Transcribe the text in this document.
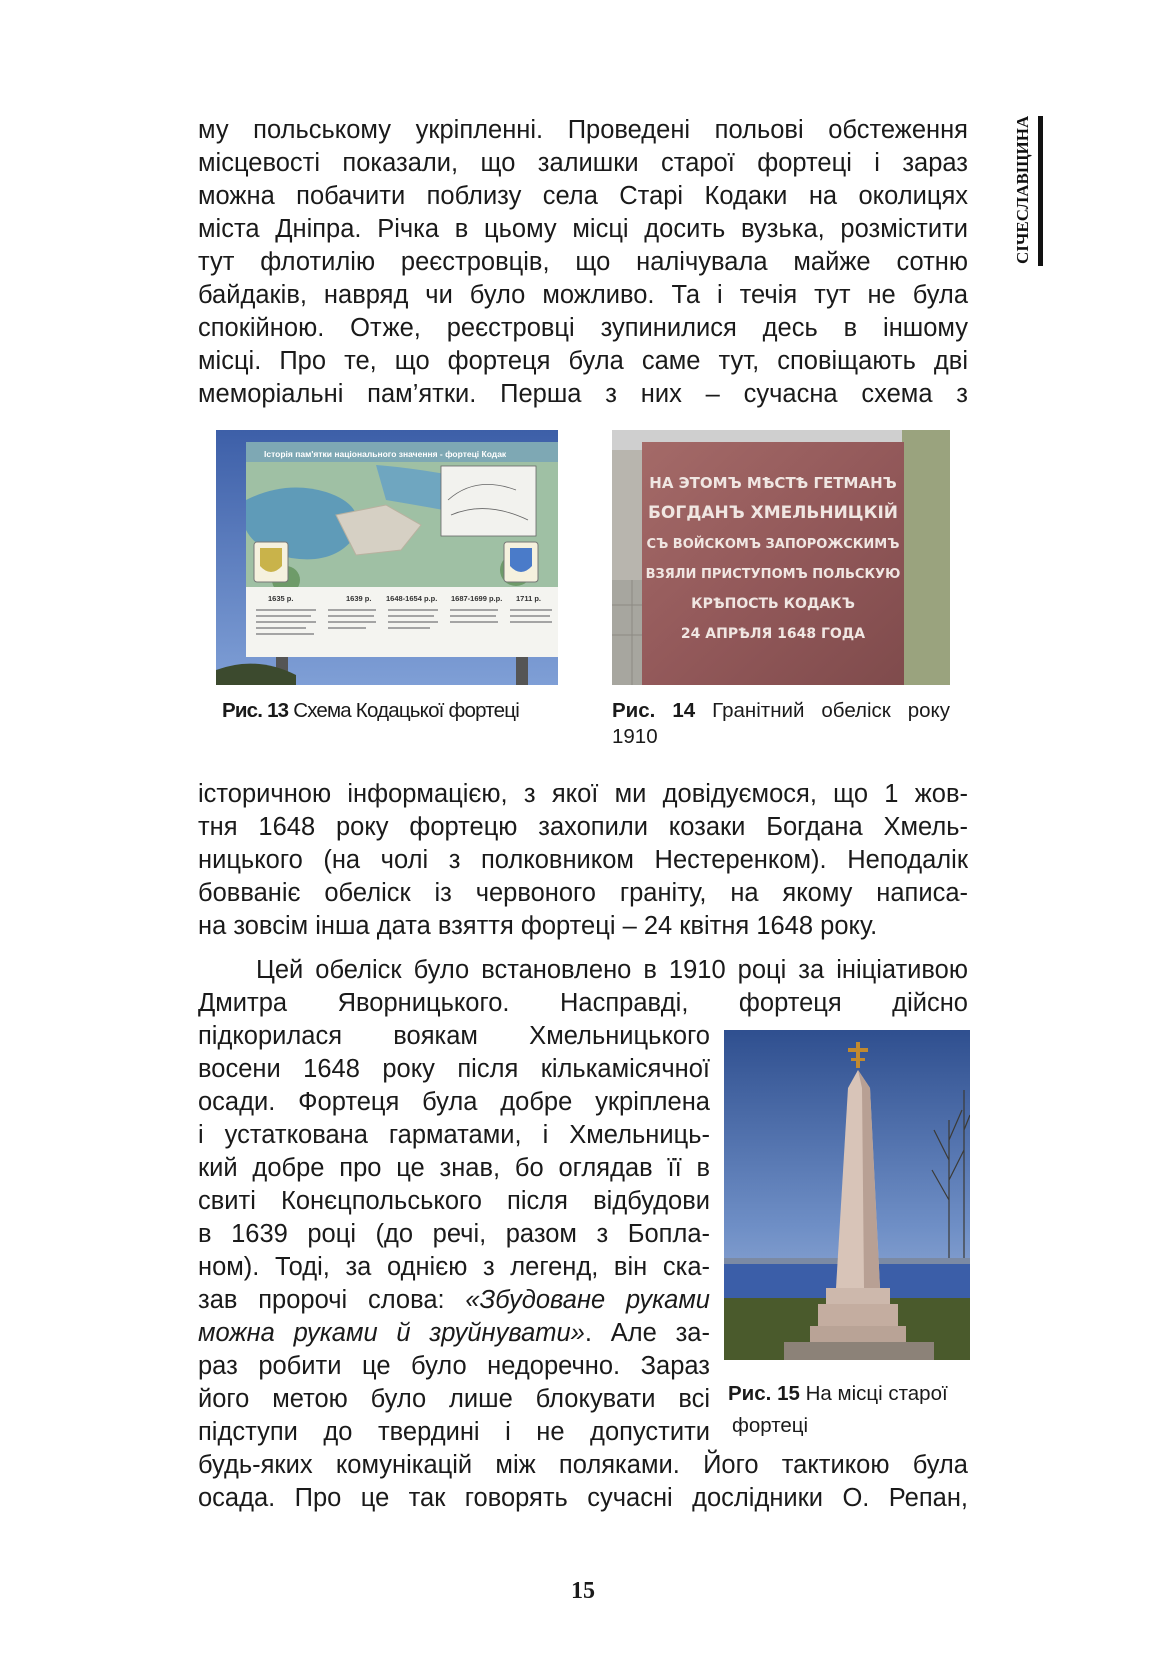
СІЧЕСЛАВЩИНА

му польському укріпленні. Проведені польові обстеження

місцевості показали, що залишки старої фортеці і зараз

можна побачити поблизу села Старі Кодаки на околицях

міста Дніпра. Річка в цьому місці досить вузька, розмістити

тут флотилію реєстровців, що налічувала майже сотню

байдаків, навряд чи було можливо. Та і течія тут не була

спокійною. Отже, реєстровці зупинилися десь в іншому

місці. Про те, що фортеця була саме тут, сповіщають дві

меморіальні пам’ятки. Перша з них – сучасна схема з

Історія пам'ятки національного значення - фортеці Кодак
1635 р.	1639 р. 1648-1654 р.р. 1687-1699 р.р. 1711 р.
НА ЭТОМЪ МѢСТѢ ГЕТМАНЪ
БОГДАНЪ ХМЕЛЬНИЦКІЙ
СЪ ВОЙСКОМЪ ЗАПОРОЖСКИМЪ
ВЗЯЛИ ПРИСТУПОМЪ ПОЛЬСКУЮ
КРѢПОСТЬ КОДАКЪ
24 АПРѢЛЯ 1648 ГОДА
Рис. 13 Схема Кодацької фортеці	Рис. 14 Гранітний обеліск року
1910

історичною інформацією, з якої ми довідуємося, що 1 жов-

тня 1648 року фортецю захопили козаки Богдана Хмель-

ницького (на чолі з полковником Нестеренком). Неподалік

бовваніє обеліск із червоного граніту, на якому написа-

на зовсім інша дата взяття фортеці – 24 квітня 1648 року.

Цей обеліск було встановлено в 1910 році за ініціативою

Дмитра Яворницького. Насправді, фортеця дійсно

підкорилася воякам Хмельницького

восени 1648 року після кількамісячної

осади. Фортеця була добре укріплена

і устаткована гарматами, і Хмельниць-

кий добре про це знав, бо оглядав її в

свиті Конєцпольського після відбудови

в 1639 році (до речі, разом з Бопла-

ном). Тоді, за однією з легенд, він ска-

зав пророчі слова: «Збудоване руками

можна руками й зруйнувати». Але за-

раз робити це було недоречно. Зараз

його метою було лише блокувати всі

підступи до твердині і не допустити

будь-яких комунікацій між поляками. Його тактикою була

осада. Про це так говорять сучасні дослідники О. Репан,

Рис. 15 На місці старої
фортеці
15
